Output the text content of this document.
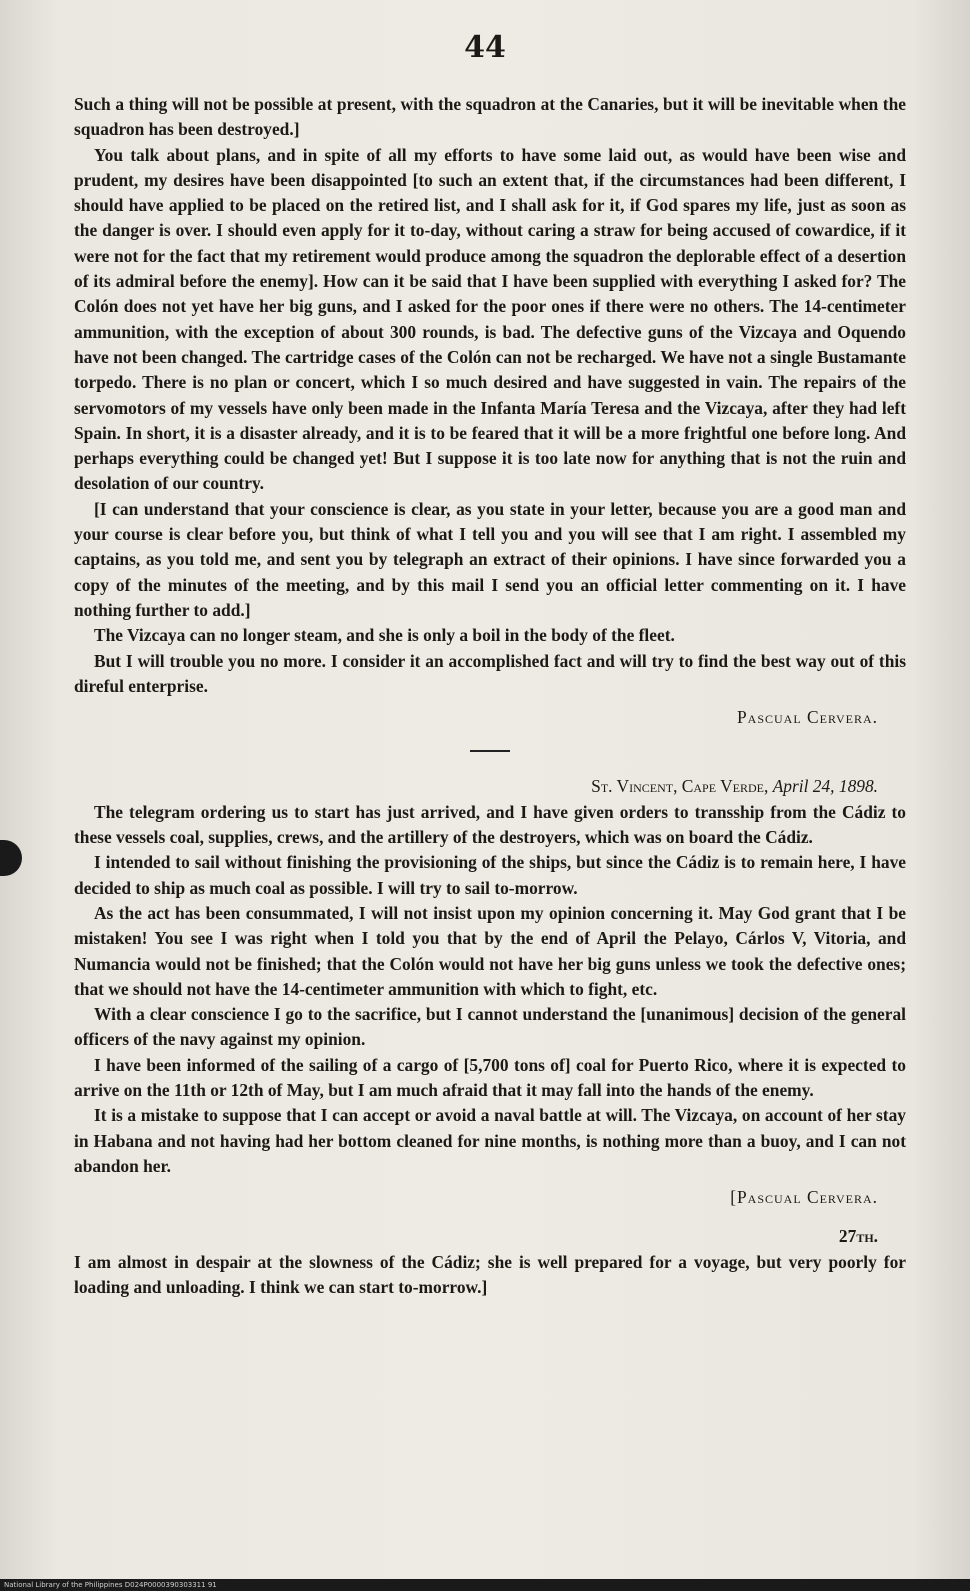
44

Such a thing will not be possible at present, with the squadron at the Canaries, but it will be inevitable when the squadron has been destroyed.]

You talk about plans, and in spite of all my efforts to have some laid out, as would have been wise and prudent, my desires have been disappointed [to such an extent that, if the circumstances had been different, I should have applied to be placed on the retired list, and I shall ask for it, if God spares my life, just as soon as the danger is over. I should even apply for it to-day, without caring a straw for being accused of cowardice, if it were not for the fact that my retirement would produce among the squadron the deplorable effect of a desertion of its admiral before the enemy]. How can it be said that I have been supplied with everything I asked for? The Colón does not yet have her big guns, and I asked for the poor ones if there were no others. The 14-centimeter ammunition, with the exception of about 300 rounds, is bad. The defective guns of the Vizcaya and Oquendo have not been changed. The cartridge cases of the Colón can not be recharged. We have not a single Bustamante torpedo. There is no plan or concert, which I so much desired and have suggested in vain. The repairs of the servomotors of my vessels have only been made in the Infanta María Teresa and the Vizcaya, after they had left Spain. In short, it is a disaster already, and it is to be feared that it will be a more frightful one before long. And perhaps everything could be changed yet! But I suppose it is too late now for anything that is not the ruin and desolation of our country.

[I can understand that your conscience is clear, as you state in your letter, because you are a good man and your course is clear before you, but think of what I tell you and you will see that I am right. I assembled my captains, as you told me, and sent you by telegraph an extract of their opinions. I have since forwarded you a copy of the minutes of the meeting, and by this mail I send you an official letter commenting on it. I have nothing further to add.]

The Vizcaya can no longer steam, and she is only a boil in the body of the fleet.

But I will trouble you no more. I consider it an accomplished fact and will try to find the best way out of this direful enterprise.

Pascual Cervera.
St. Vincent, Cape Verde, April 24, 1898.

The telegram ordering us to start has just arrived, and I have given orders to transship from the Cádiz to these vessels coal, supplies, crews, and the artillery of the destroyers, which was on board the Cádiz.

I intended to sail without finishing the provisioning of the ships, but since the Cádiz is to remain here, I have decided to ship as much coal as possible. I will try to sail to-morrow.

As the act has been consummated, I will not insist upon my opinion concerning it. May God grant that I be mistaken! You see I was right when I told you that by the end of April the Pelayo, Cárlos V, Vitoria, and Numancia would not be finished; that the Colón would not have her big guns unless we took the defective ones; that we should not have the 14-centimeter ammunition with which to fight, etc.

With a clear conscience I go to the sacrifice, but I cannot understand the [unanimous] decision of the general officers of the navy against my opinion.

I have been informed of the sailing of a cargo of [5,700 tons of] coal for Puerto Rico, where it is expected to arrive on the 11th or 12th of May, but I am much afraid that it may fall into the hands of the enemy.

It is a mistake to suppose that I can accept or avoid a naval battle at will. The Vizcaya, on account of her stay in Habana and not having had her bottom cleaned for nine months, is nothing more than a buoy, and I can not abandon her.

[Pascual Cervera.
27th.

I am almost in despair at the slowness of the Cádiz; she is well prepared for a voyage, but very poorly for loading and unloading. I think we can start to-morrow.]

National Library of the Philippines D024P0000390303311 91
